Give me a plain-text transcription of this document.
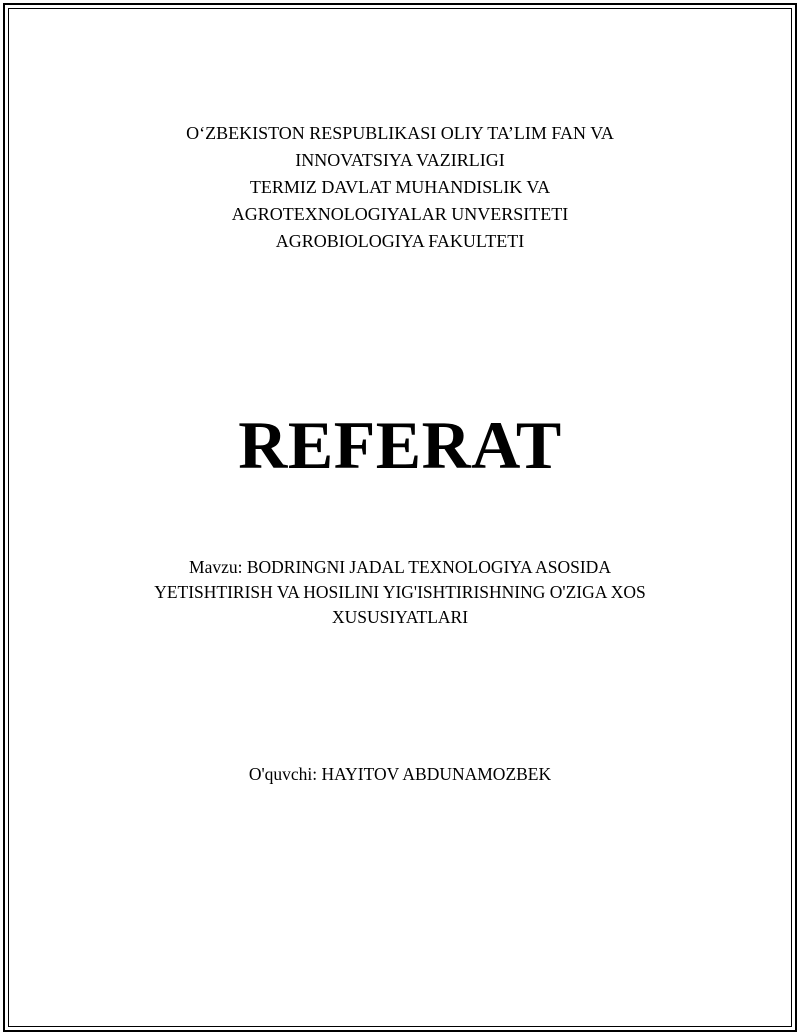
O‘ZBEKISTON RESPUBLIKASI OLIY TA’LIM FAN VA
INNOVATSIYA VAZIRLIGI
TERMIZ DAVLAT MUHANDISLIK VA
AGROTEXNOLOGIYALAR UNVERSITETI
AGROBIOLOGIYA FAKULTETI
REFERAT
Mavzu: BODRINGNI JADAL TEXNOLOGIYA ASOSIDA
YETISHTIRISH VA HOSILINI YIG'ISHTIRISHNING O'ZIGA XOS
XUSUSIYATLARI
O'quvchi: HAYITOV ABDUNAMOZBEK
